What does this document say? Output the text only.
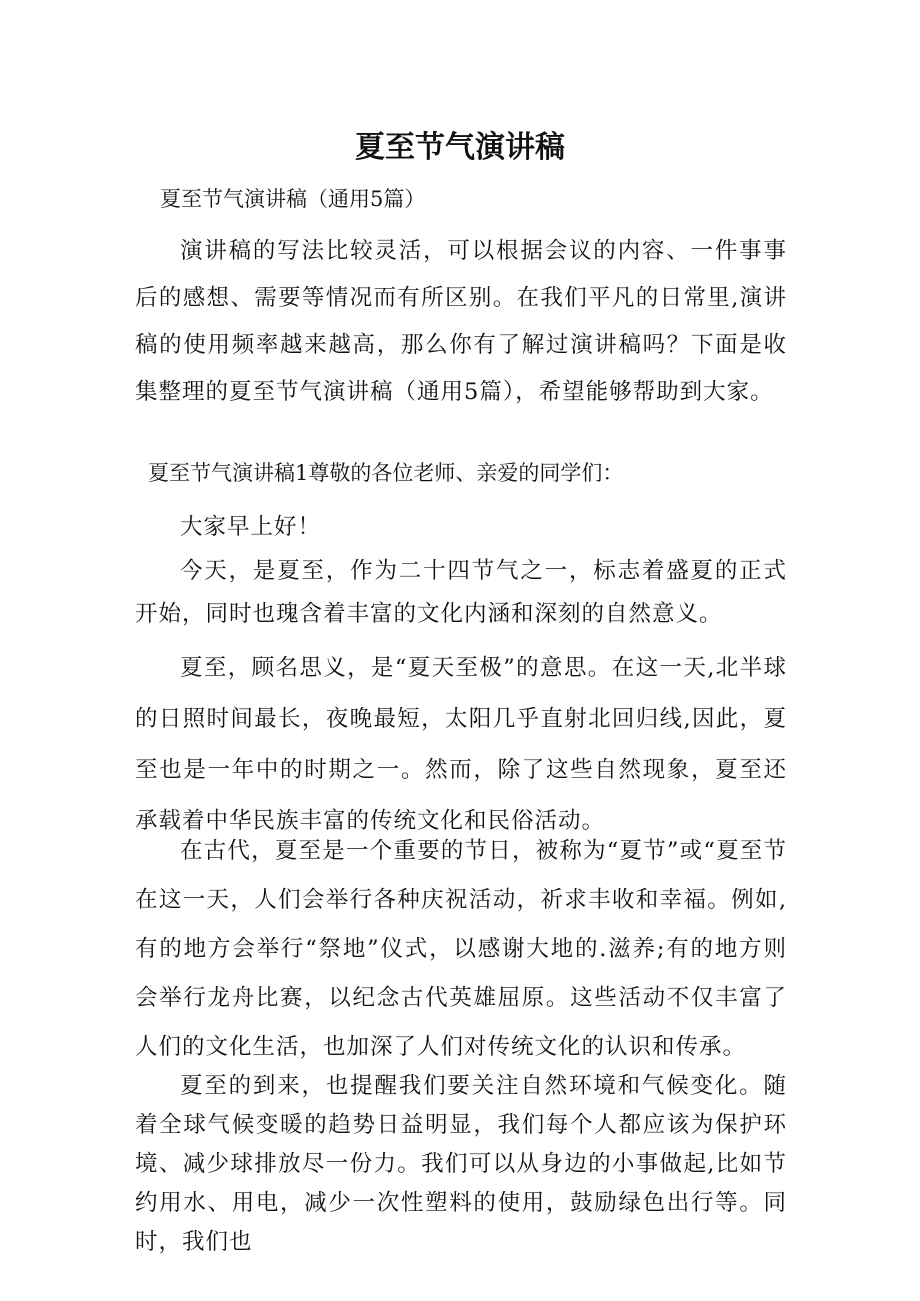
夏至节气演讲稿

夏至节气演讲稿（通用5篇）

演讲稿的写法比较灵活，可以根据会议的内容、一件事事后的感想、需要等情况而有所区别。在我们平凡的日常里,演讲稿的使用频率越来越高，那么你有了解过演讲稿吗？下面是收集整理的夏至节气演讲稿（通用5篇），希望能够帮助到大家。

夏至节气演讲稿1尊敬的各位老师、亲爱的同学们：

大家早上好！

今天，是夏至，作为二十四节气之一，标志着盛夏的正式开始，同时也瑰含着丰富的文化内涵和深刻的自然意义。

夏至，顾名思义，是“夏天至极”的意思。在这一天,北半球的日照时间最长，夜晚最短，太阳几乎直射北回归线,因此，夏至也是一年中的时期之一。然而，除了这些自然现象，夏至还承载着中华民族丰富的传统文化和民俗活动。

在古代，夏至是一个重要的节日，被称为“夏节”或“夏至节在这一天，人们会举行各种庆祝活动，祈求丰收和幸福。例如,有的地方会举行“祭地”仪式，以感谢大地的.滋养;有的地方则会举行龙舟比赛，以纪念古代英雄屈原。这些活动不仅丰富了人们的文化生活，也加深了人们对传统文化的认识和传承。

夏至的到来，也提醒我们要关注自然环境和气候变化。随着全球气候变暖的趋势日益明显，我们每个人都应该为保护环境、减少球排放尽一份力。我们可以从身边的小事做起,比如节约用水、用电，减少一次性塑料的使用，鼓励绿色出行等。同时，我们也
